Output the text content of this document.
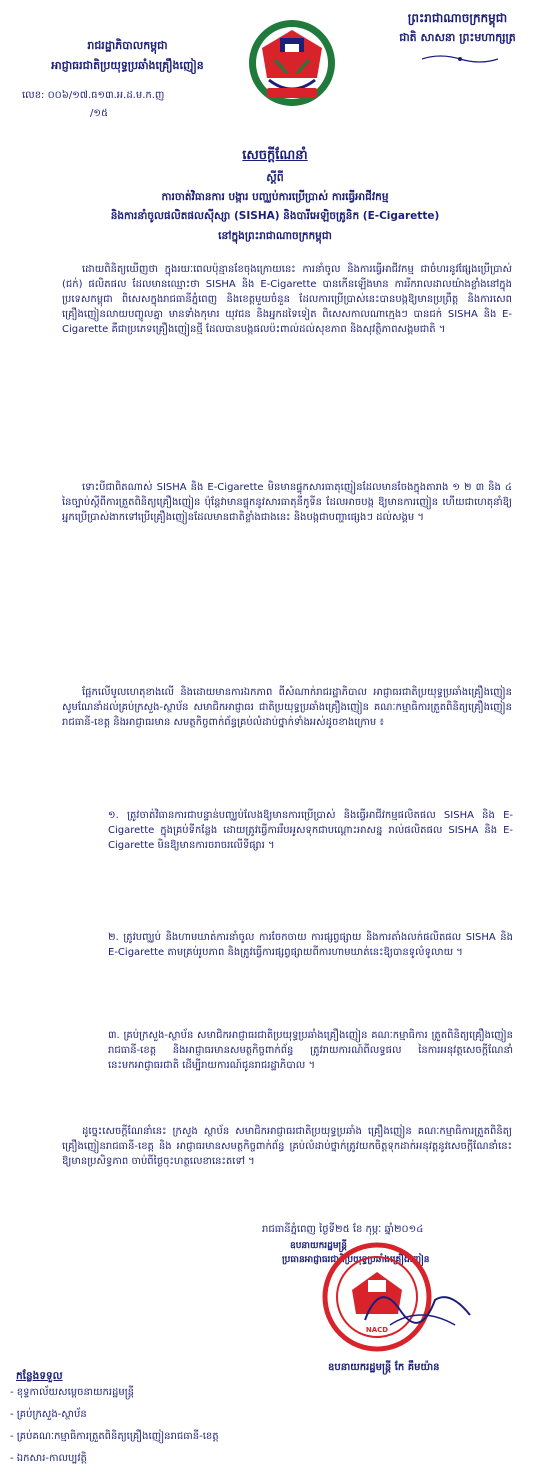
រាជរដ្ឋាភិបាលកម្ពុជា
អាជ្ញាធរជាតិប្រយុទ្ធប្រឆាំងគ្រឿងញៀន
លេខ: ០០៦/១៧.ធ១៣.អ.ដ.ម.ក.ញ
/១៥
ព្រះរាជាណាចក្រកម្ពុជា
ជាតិ សាសនា ព្រះមហាក្សត្រ
សេចក្តីណែនាំ
ស្តីពី
ការចាត់វិធានការ បង្ការ បញ្ឈប់ការប្រើប្រាស់ ការធ្វើអាជីវកម្ម
និងការនាំចូលផលិតផលស៊ីស្សា (SISHA) និងបារីអេឡិចត្រូនិក (E-Cigarette)
នៅក្នុងព្រះរាជាណាចក្រកម្ពុជា

ដោយពិនិត្យឃើញថា ក្នុងរយៈពេលប៉ុន្មានខែចុងក្រោយនេះ ការនាំចូល និងការធ្វើអាជីវកម្ម ជាចំហរនូវផ្សែងប្រើប្រាស់ (ជក់) ផលិតផល ដែលមានឈ្មោះថា SISHA និង E-Cigarette បានកើនឡើងមាន ការរីករាលដាលយ៉ាងខ្លាំងនៅក្នុងប្រទេសកម្ពុជា ពិសេសក្នុងរាជធានីភ្នំពេញ និងខេត្តមួយចំនួន ដែលការប្រើប្រាស់នេះបានបង្កឱ្យមានប្រព្រឹត្ត និងការសេពគ្រឿងញៀនលាយបញ្ចូលគ្នា មានទាំងកុមារ យុវជន និងអ្នកដទៃទៀត ពិសេសកាលណាក្មេងៗ បានជក់ SISHA និង E-Cigarette គឺជាប្រភេទគ្រឿងញៀនថ្មី ដែលបានបង្កផលប៉ះពាល់ដល់សុខភាព និងសុវត្ថិភាពសង្គមជាតិ ។

ទោះបីជាពិតណាស់ SISHA និង E-Cigarette មិនមានផ្ទុកសារធាតុញៀនដែលមានចែងក្នុងតារាង ១ ២ ៣ និង ៤ នៃច្បាប់ស្តីពីការត្រួតពិនិត្យគ្រឿងញៀន ប៉ុន្តែវាមានផ្ទុកនូវសារធាតុនីកូទីន ដែលអាចបង្ក ឱ្យមានការញៀន ហើយជាហេតុនាំឱ្យអ្នកប្រើប្រាស់ងាកទៅប្រើគ្រឿងញៀនដែលមានជាតិខ្លាំងជាងនេះ និងបង្កជាបញ្ហាផ្សេងៗ ដល់សង្គម ។

ផ្អែកលើមូលហេតុខាងលើ និងដោយមានការឯកភាព ពីសំណាក់រាជរដ្ឋាភិបាល អាជ្ញាធរជាតិប្រយុទ្ធប្រឆាំងគ្រឿងញៀន សូមណែនាំដល់គ្រប់ក្រសួង-ស្ថាប័ន សមាជិកអាជ្ញាធរ ជាតិប្រយុទ្ធប្រឆាំងគ្រឿងញៀន គណៈកម្មាធិការត្រួតពិនិត្យគ្រឿងញៀនរាជធានី-ខេត្ត និងអាជ្ញាធរមាន សមត្ថកិច្ចពាក់ព័ន្ធគ្រប់លំដាប់ថ្នាក់ទាំងអស់ដូចខាងក្រោម ៖

១. ត្រូវចាត់វិធានការជាបន្ទាន់បញ្ឈប់លែងឱ្យមានការប្រើប្រាស់ និងធ្វើអាជីវកម្មផលិតផល SISHA និង E-Cigarette ក្នុងគ្រប់ទីកន្លែង ដោយត្រូវធ្វើការរឹបអូសទុកជាបណ្តោះអាសន្ន រាល់ផលិតផល SISHA និង E-Cigarette មិនឱ្យមានការចរាចរលើទីផ្សារ ។

២. ត្រូវបញ្ឈប់ និងហាមឃាត់ការនាំចូល ការចែកចាយ ការផ្សព្វផ្សាយ និងការតាំងលក់ផលិតផល SISHA និង E-Cigarette តាមគ្រប់រូបភាព និងត្រូវធ្វើការផ្សព្វផ្សាយពីការហាមឃាត់នេះឱ្យបានទូលំទូលាយ ។

៣. គ្រប់ក្រសួង-ស្ថាប័ន សមាជិកអាជ្ញាធរជាតិប្រយុទ្ធប្រឆាំងគ្រឿងញៀន គណៈកម្មាធិការ ត្រួតពិនិត្យគ្រឿងញៀនរាជធានី-ខេត្ត និងអាជ្ញាធរមានសមត្ថកិច្ចពាក់ព័ន្ធ ត្រូវរាយការណ៍ពីលទ្ធផល នៃការអនុវត្តសេចក្តីណែនាំនេះមកអាជ្ញាធរជាតិ ដើម្បីរាយការណ៍ជូនរាជរដ្ឋាភិបាល ។

ដូច្នេះសេចក្តីណែនាំនេះ ក្រសួង ស្ថាប័ន សមាជិកអាជ្ញាធរជាតិប្រយុទ្ធប្រឆាំង គ្រឿងញៀន គណៈកម្មាធិការត្រួតពិនិត្យគ្រឿងញៀនរាជធានី-ខេត្ត និង អាជ្ញាធរមានសមត្ថកិច្ចពាក់ព័ន្ធ គ្រប់លំដាប់ថ្នាក់ត្រូវយកចិត្តទុកដាក់អនុវត្តនូវសេចក្តីណែនាំនេះឱ្យមានប្រសិទ្ធភាព ចាប់ពីថ្ងៃចុះហត្ថលេខានេះតទៅ ។

រាជធានីភ្នំពេញ ថ្ងៃទី២៥ ខែ កុម្ភៈ ឆ្នាំ២០១៤
ប្រធានអាជ្ញាធរជាតិប្រយុទ្ធប្រឆាំងគ្រឿងញៀន
ឧបនាយករដ្ឋមន្ត្រី
NACD
ឧបនាយករដ្ឋមន្ត្រី កែ គឹមយ៉ាន
កន្លែងទទួល
- ខុទ្ទកាល័យសម្តេចនាយករដ្ឋមន្ត្រី
- គ្រប់ក្រសួង-ស្ថាប័ន
- គ្រប់គណៈកម្មាធិការត្រួតពិនិត្យគ្រឿងញៀនរាជធានី-ខេត្ត
- ឯកសារ-កាលប្បវត្តិ
